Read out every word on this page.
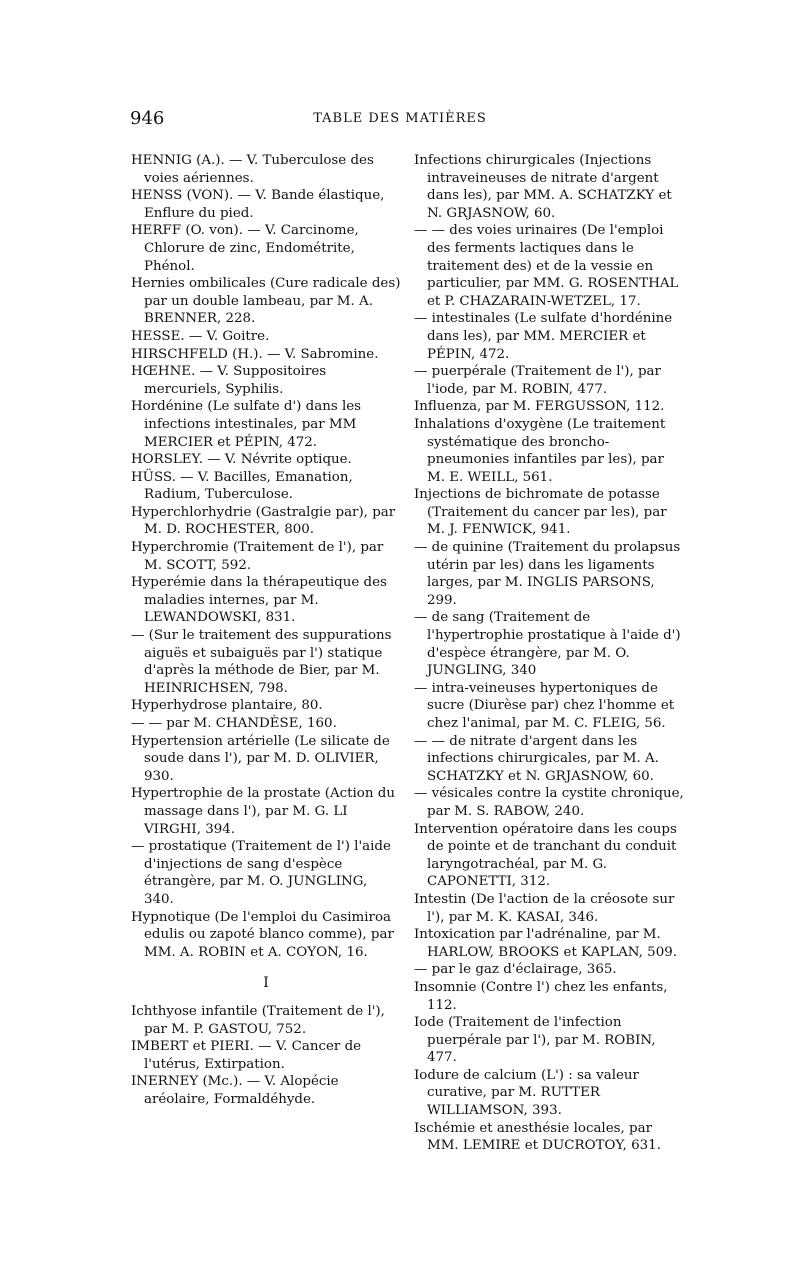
946	TABLE DES MATIÈRES

HENNIG (A.). — V. Tuberculose des voies aériennes.

HENSS (VON). — V. Bande élastique, Enflure du pied.

HERFF (O. von). — V. Carcinome, Chlorure de zinc, Endométrite, Phénol.

Hernies ombilicales (Cure radicale des) par un double lambeau, par M. A. BRENNER, 228.

HESSE. — V. Goitre.

HIRSCHFELD (H.). — V. Sabromine.

HŒHNE. — V. Suppositoires mercuriels, Syphilis.

Hordénine (Le sulfate d') dans les infections intestinales, par MM MERCIER et PÉPIN, 472.

HORSLEY. — V. Névrite optique.

HÜSS. — V. Bacilles, Emanation, Radium, Tuberculose.

Hyperchlorhydrie (Gastralgie par), par M. D. ROCHESTER, 800.

Hyperchromie (Traitement de l'), par M. SCOTT, 592.

Hyperémie dans la thérapeutique des maladies internes, par M. LEWANDOWSKI, 831.

— (Sur le traitement des suppurations aiguës et subaiguës par l') statique d'après la méthode de Bier, par M. HEINRICHSEN, 798.

Hyperhydrose plantaire, 80.

— — par M. CHANDÈSE, 160.

Hypertension artérielle (Le silicate de soude dans l'), par M. D. OLIVIER, 930.

Hypertrophie de la prostate (Action du massage dans l'), par M. G. LI VIRGHI, 394.

— prostatique (Traitement de l') l'aide d'injections de sang d'espèce étrangère, par M. O. JUNGLING, 340.

Hypnotique (De l'emploi du Casimiroa edulis ou zapoté blanco comme), par MM. A. ROBIN et A. COYON, 16.

I

Ichthyose infantile (Traitement de l'), par M. P. GASTOU, 752.

IMBERT et PIERI. — V. Cancer de l'utérus, Extirpation.

INERNEY (Mc.). — V. Alopécie aréolaire, Formaldéhyde.

Infections chirurgicales (Injections intraveineuses de nitrate d'argent dans les), par MM. A. SCHATZKY et N. GRJASNOW, 60.

— — des voies urinaires (De l'emploi des ferments lactiques dans le traitement des) et de la vessie en particulier, par MM. G. ROSENTHAL et P. CHAZARAIN-WETZEL, 17.

— intestinales (Le sulfate d'hordénine dans les), par MM. MERCIER et PÉPIN, 472.

— puerpérale (Traitement de l'), par l'iode, par M. ROBIN, 477.

Influenza, par M. FERGUSSON, 112.

Inhalations d'oxygène (Le traitement systématique des broncho-pneumonies infantiles par les), par M. E. WEILL, 561.

Injections de bichromate de potasse (Traitement du cancer par les), par M. J. FENWICK, 941.

— de quinine (Traitement du prolapsus utérin par les) dans les ligaments larges, par M. INGLIS PARSONS, 299.

— de sang (Traitement de l'hypertrophie prostatique à l'aide d') d'espèce étrangère, par M. O. JUNGLING, 340

— intra-veineuses hypertoniques de sucre (Diurèse par) chez l'homme et chez l'animal, par M. C. FLEIG, 56.

— — de nitrate d'argent dans les infections chirurgicales, par M. A. SCHATZKY et N. GRJASNOW, 60.

— vésicales contre la cystite chronique, par M. S. RABOW, 240.

Intervention opératoire dans les coups de pointe et de tranchant du conduit laryngotrachéal, par M. G. CAPONETTI, 312.

Intestin (De l'action de la créosote sur l'), par M. K. KASAI, 346.

Intoxication par l'adrénaline, par M. HARLOW, BROOKS et KAPLAN, 509.

— par le gaz d'éclairage, 365.

Insomnie (Contre l') chez les enfants, 112.

Iode (Traitement de l'infection puerpérale par l'), par M. ROBIN, 477.

Iodure de calcium (L') : sa valeur curative, par M. RUTTER WILLIAMSON, 393.

Ischémie et anesthésie locales, par MM. LEMIRE et DUCROTOY, 631.
